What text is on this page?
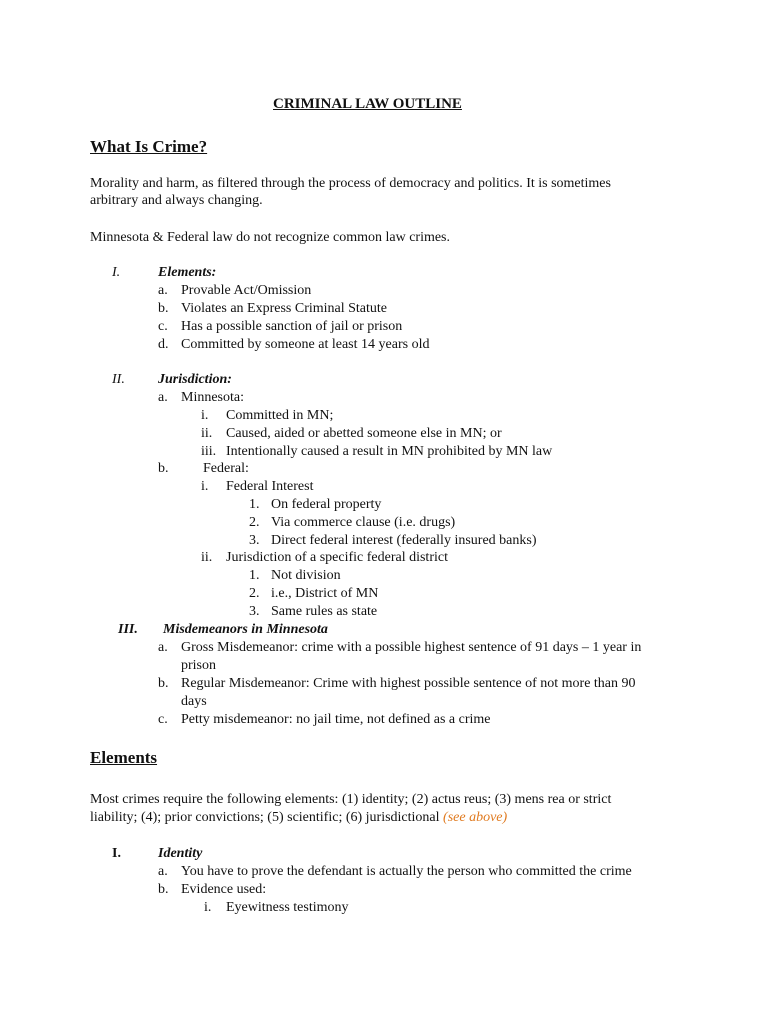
CRIMINAL LAW OUTLINE
What Is Crime?
Morality and harm, as filtered through the process of democracy and politics. It is sometimes
arbitrary and always changing.
Minnesota & Federal law do not recognize common law crimes.
I.	Elements:
a. Provable Act/Omission
b. Violates an Express Criminal Statute
c. Has a possible sanction of jail or prison
d. Committed by someone at least 14 years old
II. Jurisdiction:
a. Minnesota:
i. Committed in MN;
ii. Caused, aided or abetted someone else in MN; or
iii. Intentionally caused a result in MN prohibited by MN law
b. Federal:
i. Federal Interest
1. On federal property
2. Via commerce clause (i.e. drugs)
3. Direct federal interest (federally insured banks)
ii. Jurisdiction of a specific federal district
1. Not division
2. i.e., District of MN
3. Same rules as state
III. Misdemeanors in Minnesota
a. Gross Misdemeanor: crime with a possible highest sentence of 91 days – 1 year in
prison
b. Regular Misdemeanor: Crime with highest possible sentence of not more than 90
days
c. Petty misdemeanor: no jail time, not defined as a crime
Elements
Most crimes require the following elements: (1) identity; (2) actus reus; (3) mens rea or strict
liability; (4); prior convictions; (5) scientific; (6) jurisdictional (see above)
I.	Identity
a. You have to prove the defendant is actually the person who committed the crime
b. Evidence used:
i. Eyewitness testimony
